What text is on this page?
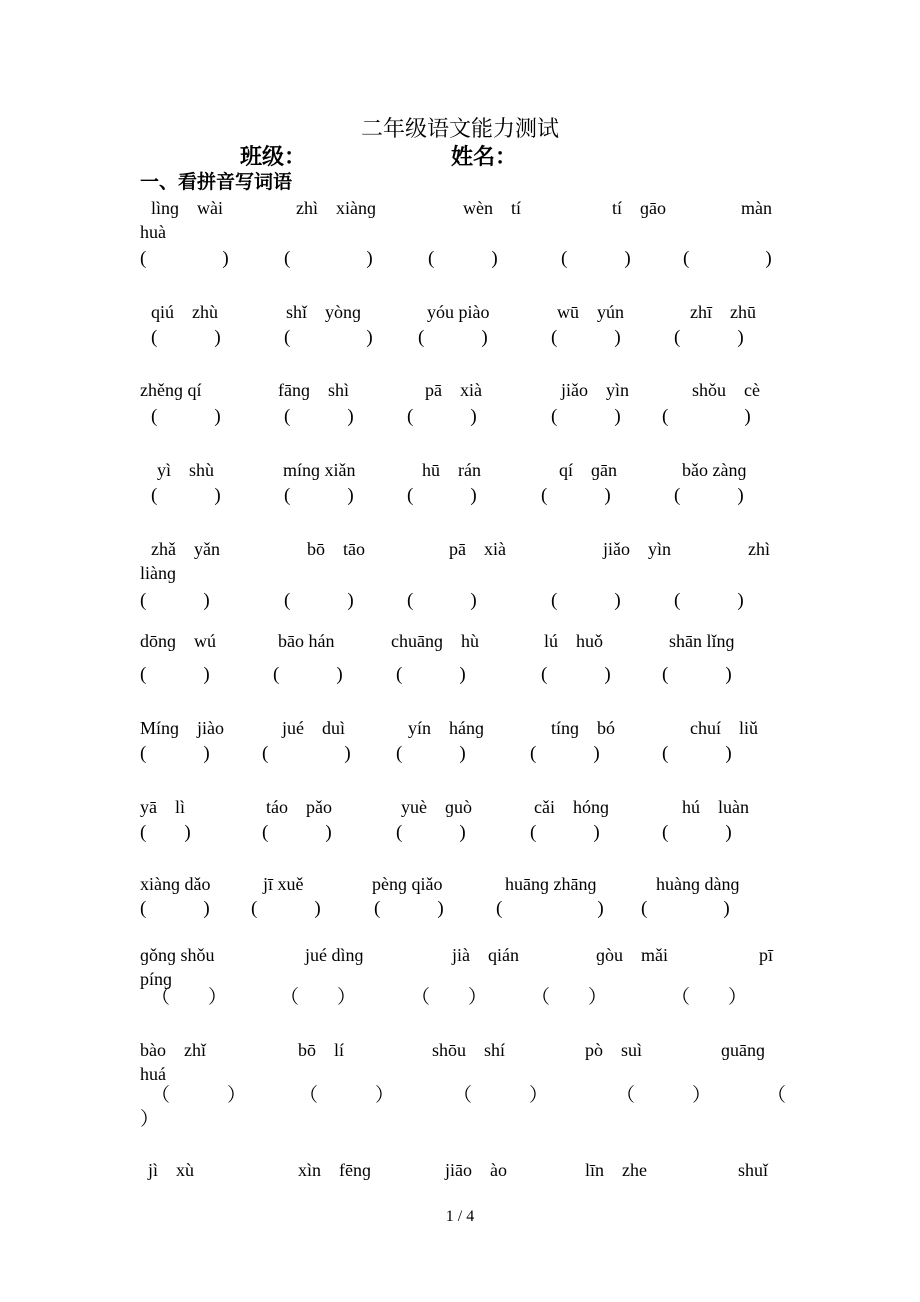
二年级语文能力测试
班级：	姓名：
一、看拼音写词语
lìnɡ　wài	zhì　xiànɡ	wèn　tí	tí　ɡāo	màn
huà
(　　　　)	(　　　　)	(　　　)	(　　　)	(　　　　)
qiú　zhù	shǐ　yònɡ	yóu piào	wū　yún	zhī　zhū
(　　　)	(　　　　) (　　　)	(　　　)	(　　　)
zhěnɡ qí	fānɡ　shì	pā　xià	jiǎo　yìn	shǒu　cè
(　　　)	(　　　)	(　　　)	(　　　) (　　　　)
yì　shù	mínɡ xiǎn	hū　rán	qí　ɡān	bǎo zànɡ
(　　　)	(　　　)	(　　　)	(　　　)	(　　　)
zhǎ　yǎn	bō　tāo	pā　xià	jiǎo　yìn	zhì
liànɡ
(　　　)	(　　　)	(　　　)	(　　　)	(　　　)
dōnɡ　wú	bāo hán	chuānɡ　hù	lú　huǒ	shān lǐnɡ
(　　　)	(　　　)	(　　　)	(　　　)	(　　　)
Mínɡ　jiào	jué　duì	yín　hánɡ	tínɡ　bó	chuí　liǔ
(　　　)	(　　　　) (　　　)	(　　　)	(　　　)
yā　lì	táo　pǎo	yuè　ɡuò	cǎi　hónɡ	hú　luàn
(　　)	(　　　)	(　　　)	(　　　)	(　　　)
xiànɡ dǎo	jī xuě	pènɡ qiǎo	huānɡ zhānɡ	huànɡ dànɡ
(　　　) (　　　)	(　　　)	(　　　　　) (　　　　)
ɡǒnɡ shǒu	jué dìnɡ	jià　qián	ɡòu　mǎi	pī
pínɡ
（　　）	（　　）	（　　） （　　）	（　　）
bào　zhǐ	bō　lí	shōu　shí	pò　suì	ɡuānɡ
huá
（　　　）	（　　　）	（　　　）	（　　　）	（
）
jì　xù	xìn　fēnɡ	jiāo　ào	līn　zhe	shuǐ
1 / 4
